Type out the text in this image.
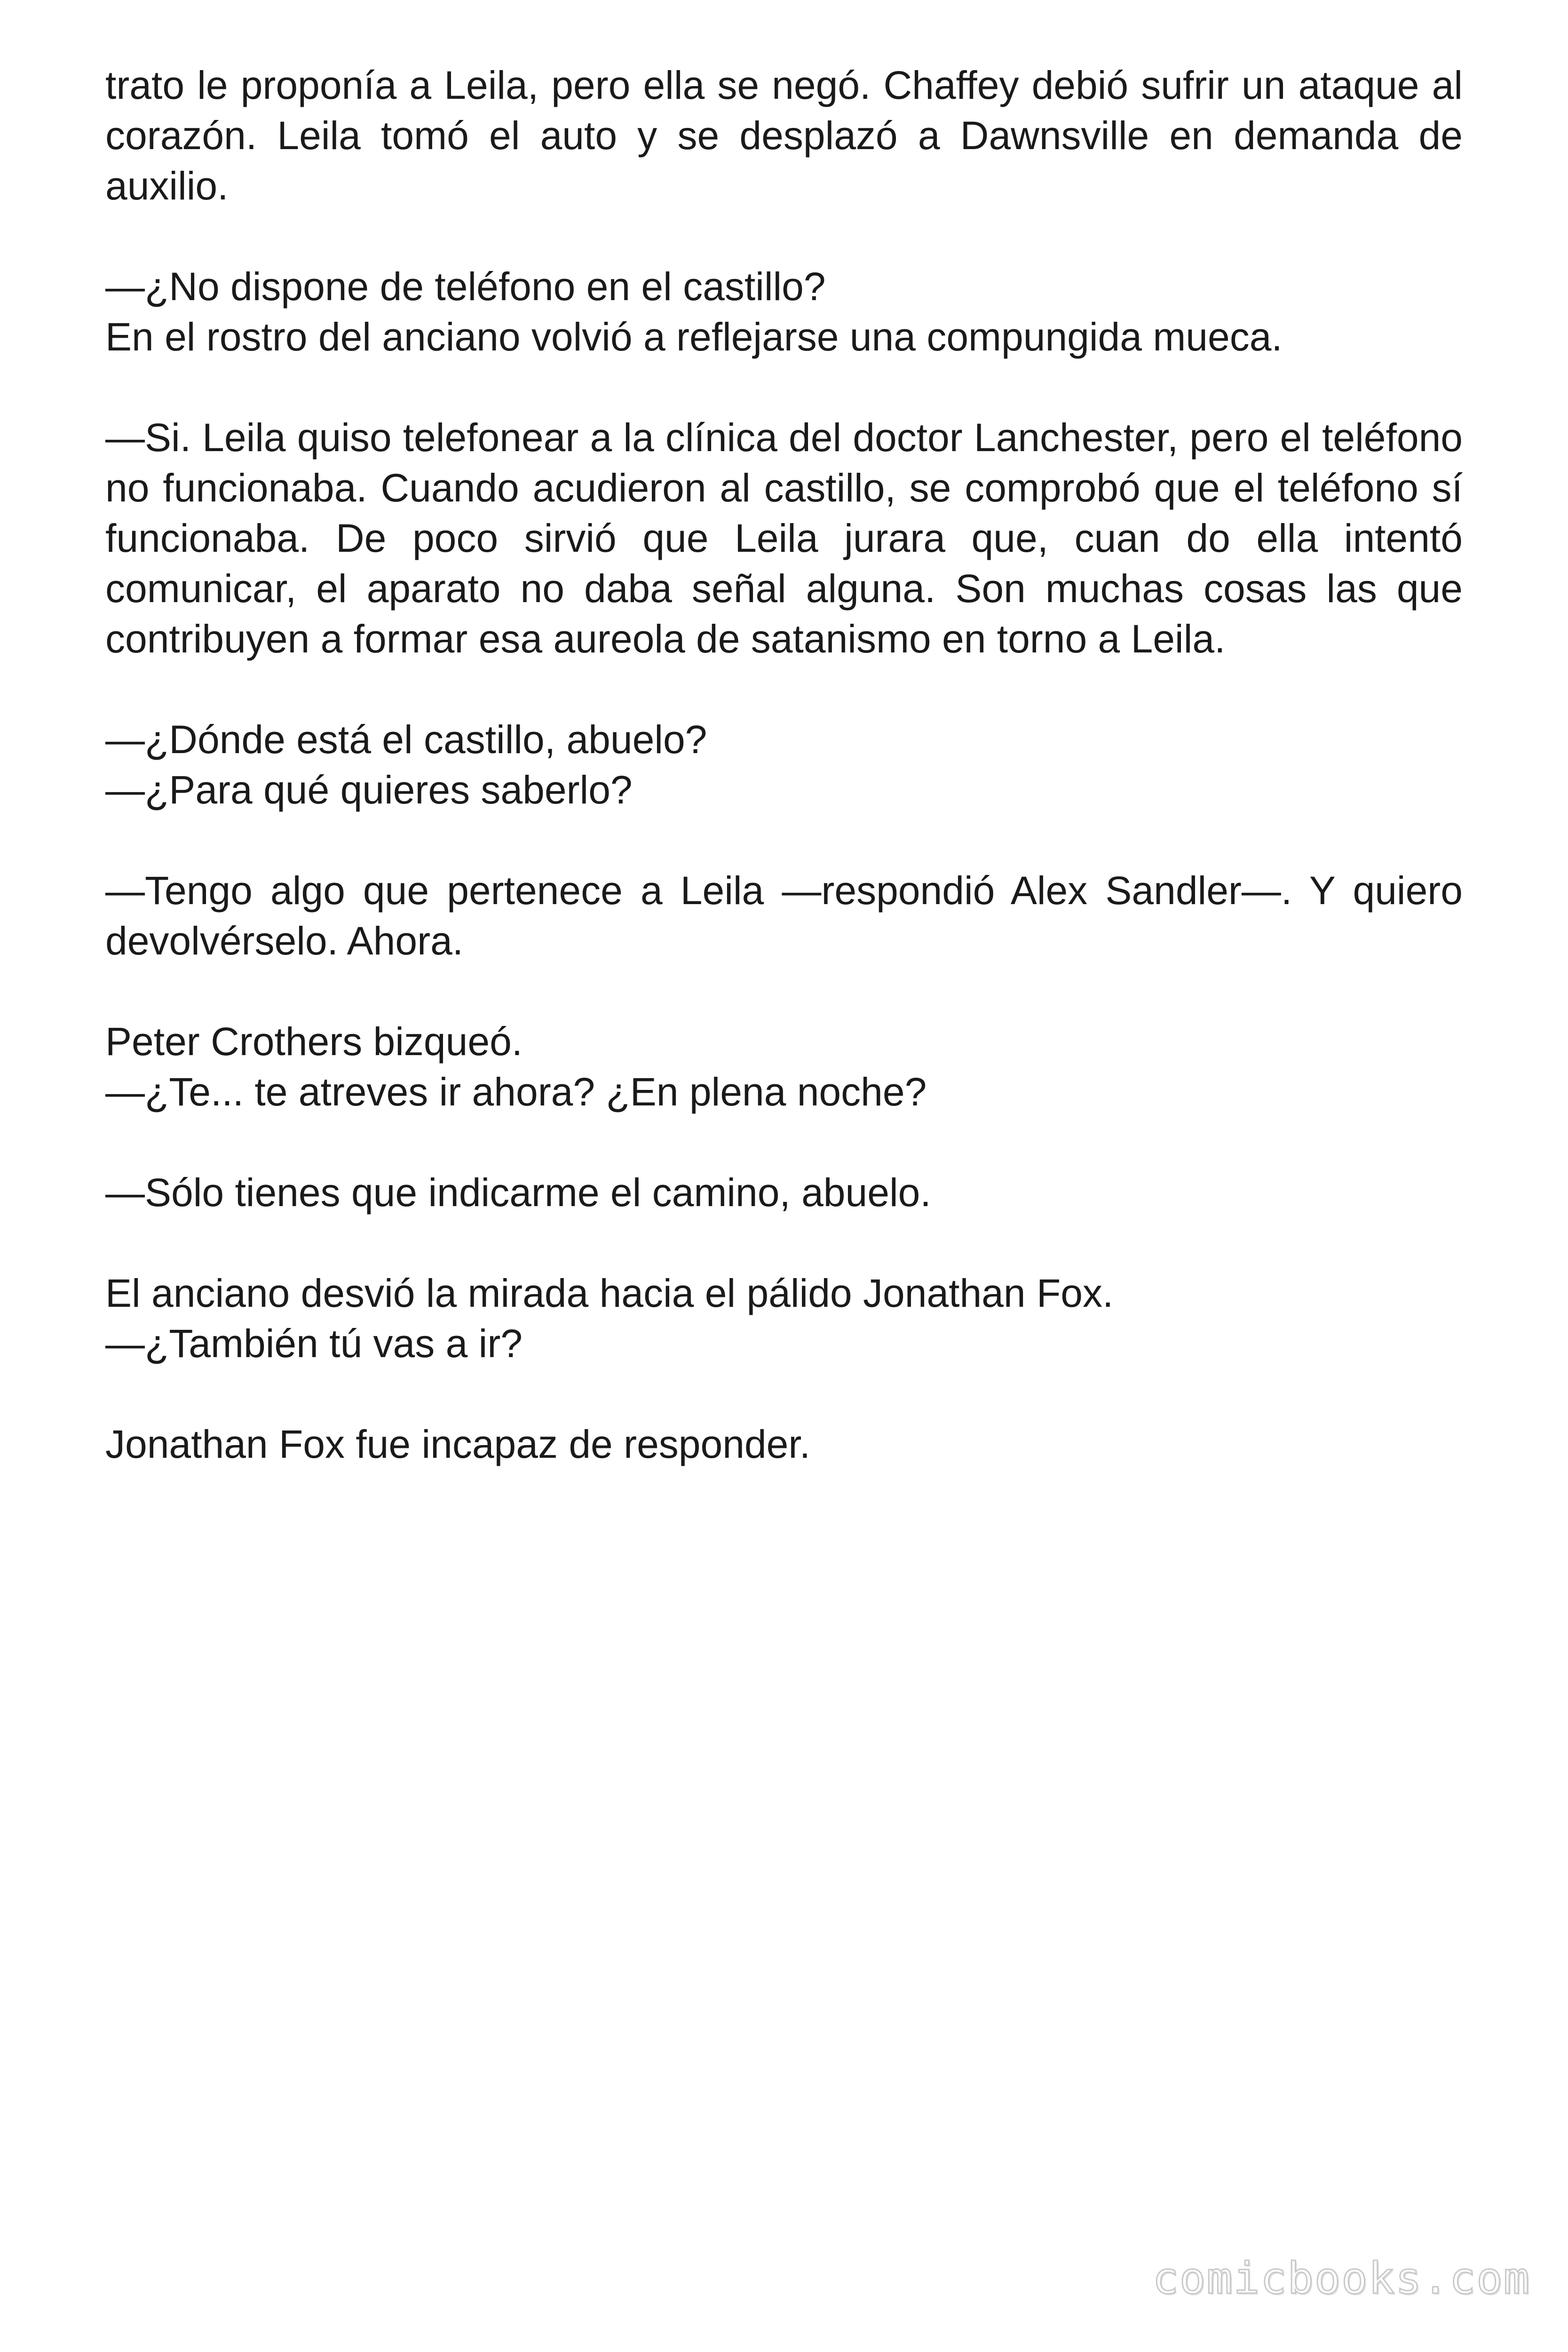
trato le proponía a Leila, pero ella se negó. Chaffey debió sufrir un ataque al corazón. Leila tomó el auto y se desplazó a Dawnsville en demanda de auxilio.

—¿No dispone de teléfono en el castillo?
En el rostro del anciano volvió a reflejarse una compungida mueca.

—Si. Leila quiso telefonear a la clínica del doctor Lanchester, pero el teléfono no funcionaba. Cuando acudieron al castillo, se comprobó que el teléfono sí funcionaba. De poco sirvió que Leila jurara que, cuan do ella intentó comunicar, el aparato no daba señal alguna. Son muchas cosas las que contribuyen a formar esa aureola de satanismo en torno a Leila.

—¿Dónde está el castillo, abuelo?
—¿Para qué quieres saberlo?

—Tengo algo que pertenece a Leila —respondió Alex Sandler—. Y quiero devolvérselo. Ahora.

Peter Crothers bizqueó.
—¿Te... te atreves ir ahora? ¿En plena noche?

—Sólo tienes que indicarme el camino, abuelo.

El anciano desvió la mirada hacia el pálido Jonathan Fox.
—¿También tú vas a ir?

Jonathan Fox fue incapaz de responder.

comicbooks.com
